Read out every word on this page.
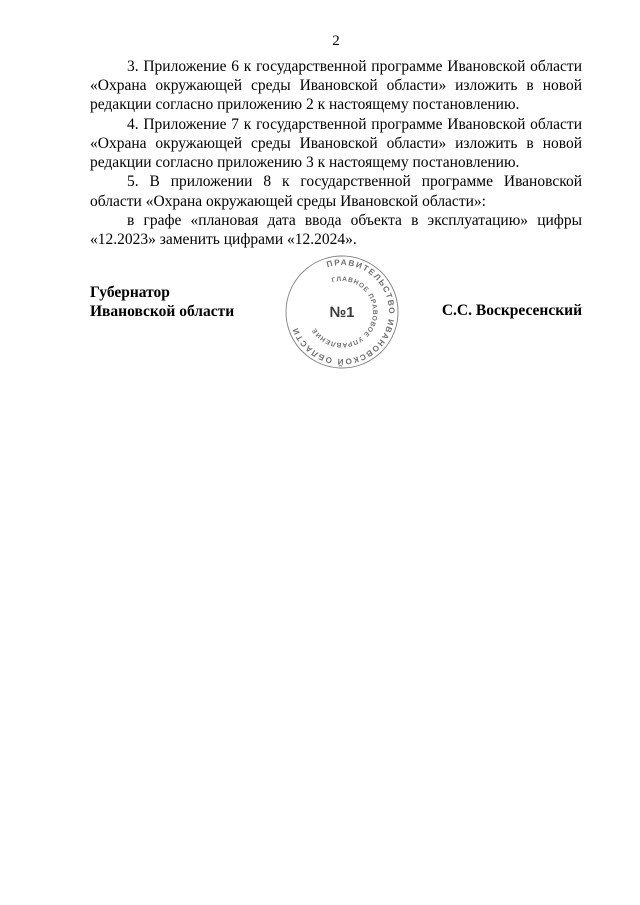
2

3. Приложение 6 к государственной программе Ивановской области «Охрана окружающей среды Ивановской области» изложить в новой редакции согласно приложению 2 к настоящему постановлению.

4. Приложение 7 к государственной программе Ивановской области «Охрана окружающей среды Ивановской области» изложить в новой редакции согласно приложению 3 к настоящему постановлению.

5. В приложении 8 к государственной программе Ивановской области «Охрана окружающей среды Ивановской области»:

в графе «плановая дата ввода объекта в эксплуатацию» цифры «12.2023» заменить цифрами «12.2024».

Губернатор
Ивановской области
ПРАВИТЕЛЬСТВО ИВАНОВСКОЙ ОБЛАСТИ
ГЛАВНОЕ ПРАВОВОЕ УПРАВЛЕНИЕ
№1	С.С. Воскресенский
